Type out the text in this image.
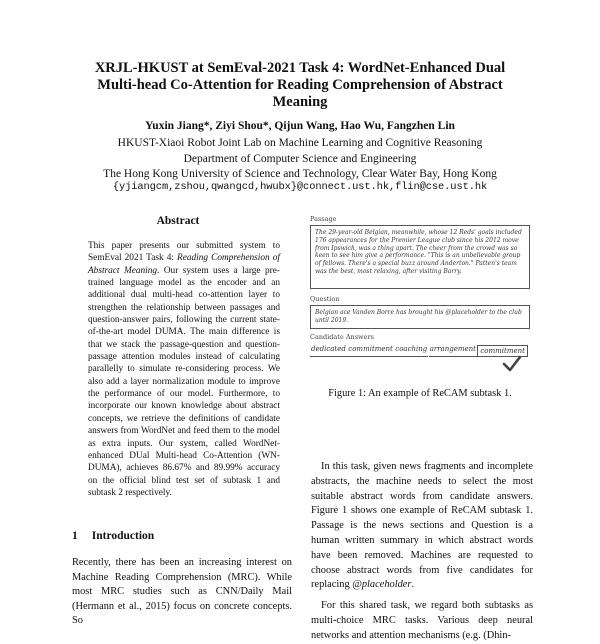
XRJL-HKUST at SemEval-2021 Task 4: WordNet-Enhanced Dual
Multi-head Co-Attention for Reading Comprehension of Abstract
Meaning
Yuxin Jiang*, Ziyi Shou*, Qijun Wang, Hao Wu, Fangzhen Lin
HKUST-Xiaoi Robot Joint Lab on Machine Learning and Cognitive Reasoning
Department of Computer Science and Engineering
The Hong Kong University of Science and Technology, Clear Water Bay, Hong Kong
{yjiangcm,zshou,qwangcd,hwubx}@connect.ust.hk,flin@cse.ust.hk
Abstract
This paper presents our submitted system to SemEval 2021 Task 4: Reading Comprehension of Abstract Meaning. Our system uses a large pre-trained language model as the encoder and an additional dual multi-head co-attention layer to strengthen the relationship between passages and question-answer pairs, following the current state-of-the-art model DUMA. The main difference is that we stack the passage-question and question-passage attention modules instead of calculating parallelly to simulate re-considering process. We also add a layer normalization module to improve the performance of our model. Furthermore, to incorporate our known knowledge about abstract concepts, we retrieve the definitions of candidate answers from WordNet and feed them to the model as extra inputs. Our system, called WordNet-enhanced DUal Multi-head Co-Attention (WN-DUMA), achieves 86.67% and 89.99% accuracy on the official blind test set of subtask 1 and subtask 2 respectively.
1 Introduction
Recently, there has been an increasing interest on Machine Reading Comprehension (MRC). While most MRC studies such as CNN/Daily Mail (Hermann et al., 2015) focus on concrete concepts. So
Passage
The 29-year-old Belgian, meanwhile, whose 12 Reds' goals included 176 appearances for the Premier League club since his 2012 move from Ipswich, was a thing apart. The cheer from the crowd was so keen to see him give a performance. "This is an unbelievable group of fellows. There's a special buzz around Anderton." Patten's team was the best, most relaxing, after visiting Barry.
Question
Belgian ace Vanden Borre has brought his @placeholder to the club until 2019.
Candidate Answers
dedicated commitment coaching arrangement commitment
Figure 1: An example of ReCAM subtask 1.

In this task, given news fragments and incomplete abstracts, the machine needs to select the most suitable abstract words from candidate answers. Figure 1 shows one example of ReCAM subtask 1. Passage is the news sections and Question is a human written summary in which abstract words have been removed. Machines are requested to choose abstract words from five candidates for replacing @placeholder.

For this shared task, we regard both subtasks as multi-choice MRC tasks. Various deep neural networks and attention mechanisms (e.g. (Dhin-
